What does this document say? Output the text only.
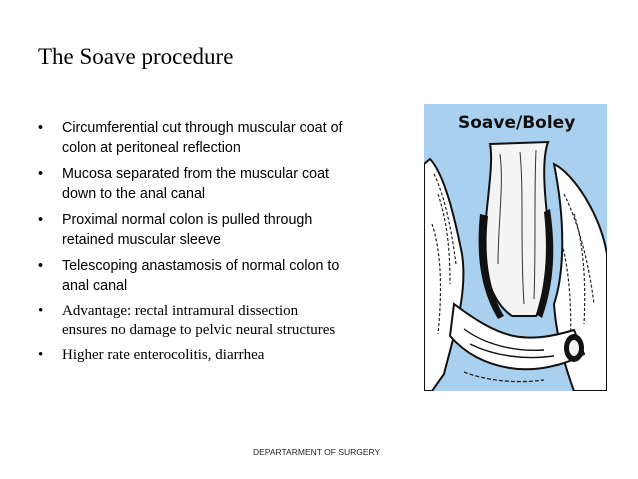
The Soave procedure
• Circumferential cut through muscular coat of
colon at peritoneal reflection
• Mucosa separated from the muscular coat
down to the anal canal
• Proximal normal colon is pulled through
retained muscular sleeve
• Telescoping anastamosis of normal colon to
anal canal
• Advantage: rectal intramural dissection
ensures no damage to pelvic neural structures
• Higher rate enterocolitis, diarrhea
Soave/Boley
DEPARTARMENT OF SURGERY
